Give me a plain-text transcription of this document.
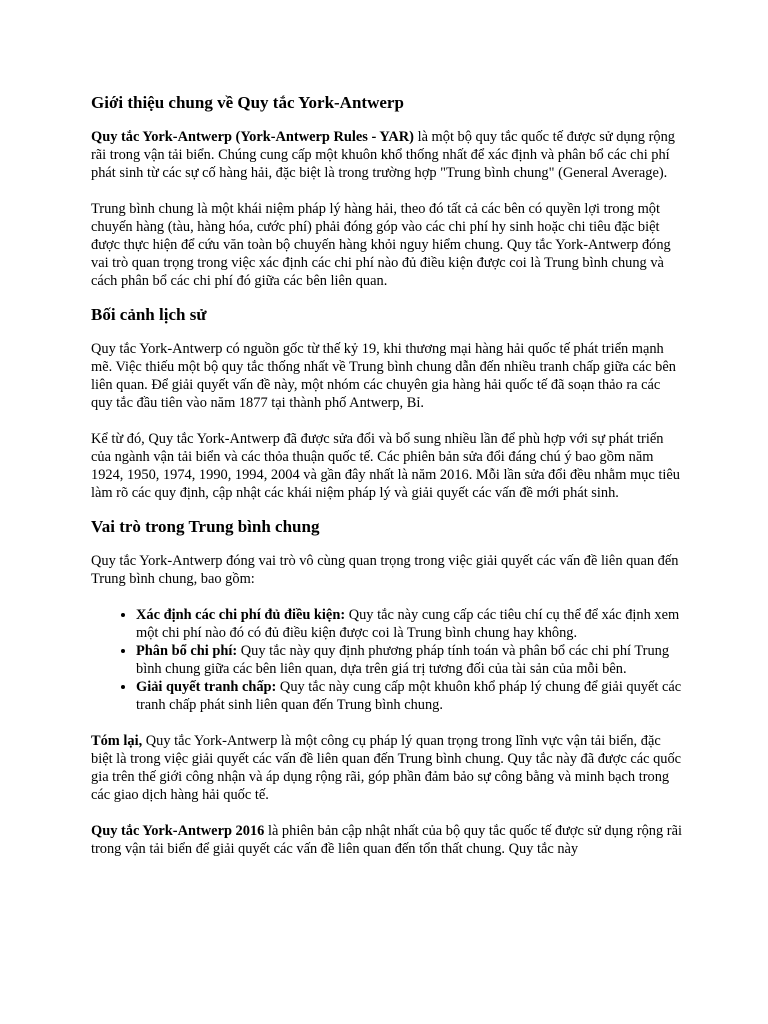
Giới thiệu chung về Quy tắc York-Antwerp

Quy tắc York-Antwerp (York-Antwerp Rules - YAR) là một bộ quy tắc quốc tế được sử dụng rộng rãi trong vận tải biển. Chúng cung cấp một khuôn khổ thống nhất để xác định và phân bổ các chi phí phát sinh từ các sự cố hàng hải, đặc biệt là trong trường hợp "Trung bình chung" (General Average).

Trung bình chung là một khái niệm pháp lý hàng hải, theo đó tất cả các bên có quyền lợi trong một chuyến hàng (tàu, hàng hóa, cước phí) phải đóng góp vào các chi phí hy sinh hoặc chi tiêu đặc biệt được thực hiện để cứu văn toàn bộ chuyến hàng khỏi nguy hiểm chung. Quy tắc York-Antwerp đóng vai trò quan trọng trong việc xác định các chi phí nào đủ điều kiện được coi là Trung bình chung và cách phân bổ các chi phí đó giữa các bên liên quan.

Bối cảnh lịch sử

Quy tắc York-Antwerp có nguồn gốc từ thế kỷ 19, khi thương mại hàng hải quốc tế phát triển mạnh mẽ. Việc thiếu một bộ quy tắc thống nhất về Trung bình chung dẫn đến nhiều tranh chấp giữa các bên liên quan. Để giải quyết vấn đề này, một nhóm các chuyên gia hàng hải quốc tế đã soạn thảo ra các quy tắc đầu tiên vào năm 1877 tại thành phố Antwerp, Bỉ.

Kể từ đó, Quy tắc York-Antwerp đã được sửa đổi và bổ sung nhiều lần để phù hợp với sự phát triển của ngành vận tải biển và các thỏa thuận quốc tế. Các phiên bản sửa đổi đáng chú ý bao gồm năm 1924, 1950, 1974, 1990, 1994, 2004 và gần đây nhất là năm 2016. Mỗi lần sửa đổi đều nhằm mục tiêu làm rõ các quy định, cập nhật các khái niệm pháp lý và giải quyết các vấn đề mới phát sinh.

Vai trò trong Trung bình chung

Quy tắc York-Antwerp đóng vai trò vô cùng quan trọng trong việc giải quyết các vấn đề liên quan đến Trung bình chung, bao gồm:

• Xác định các chi phí đủ điều kiện: Quy tắc này cung cấp các tiêu chí cụ thể để xác định xem một chi phí nào đó có đủ điều kiện được coi là Trung bình chung hay không.
• Phân bổ chi phí: Quy tắc này quy định phương pháp tính toán và phân bổ các chi phí Trung bình chung giữa các bên liên quan, dựa trên giá trị tương đối của tài sản của mỗi bên.
• Giải quyết tranh chấp: Quy tắc này cung cấp một khuôn khổ pháp lý chung để giải quyết các tranh chấp phát sinh liên quan đến Trung bình chung.

Tóm lại, Quy tắc York-Antwerp là một công cụ pháp lý quan trọng trong lĩnh vực vận tải biển, đặc biệt là trong việc giải quyết các vấn đề liên quan đến Trung bình chung. Quy tắc này đã được các quốc gia trên thế giới công nhận và áp dụng rộng rãi, góp phần đảm bảo sự công bằng và minh bạch trong các giao dịch hàng hải quốc tế.

Quy tắc York-Antwerp 2016 là phiên bản cập nhật nhất của bộ quy tắc quốc tế được sử dụng rộng rãi trong vận tải biển để giải quyết các vấn đề liên quan đến tổn thất chung. Quy tắc này
